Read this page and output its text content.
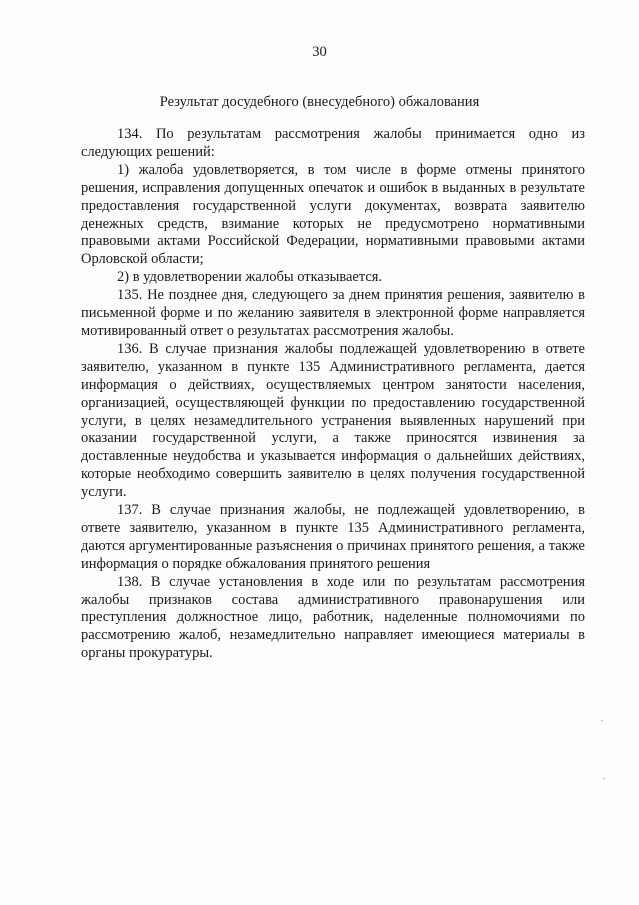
30
Результат досудебного (внесудебного) обжалования

134. По результатам рассмотрения жалобы принимается одно из следующих решений:

1) жалоба удовлетворяется, в том числе в форме отмены принятого решения, исправления допущенных опечаток и ошибок в выданных в результате предоставления государственной услуги документах, возврата заявителю денежных средств, взимание которых не предусмотрено нормативными правовыми актами Российской Федерации, нормативными правовыми актами Орловской области;

2) в удовлетворении жалобы отказывается.

135. Не позднее дня, следующего за днем принятия решения, заявителю в письменной форме и по желанию заявителя в электронной форме направляется мотивированный ответ о результатах рассмотрения жалобы.

136. В случае признания жалобы подлежащей удовлетворению в ответе заявителю, указанном в пункте 135 Административного регламента, дается информация о действиях, осуществляемых центром занятости населения, организацией, осуществляющей функции по предоставлению государственной услуги, в целях незамедлительного устранения выявленных нарушений при оказании государственной услуги, а также приносятся извинения за доставленные неудобства и указывается информация о дальнейших действиях, которые необходимо совершить заявителю в целях получения государственной услуги.

137. В случае признания жалобы, не подлежащей удовлетворению, в ответе заявителю, указанном в пункте 135 Административного регламента, даются аргументированные разъяснения о причинах принятого решения, а также информация о порядке обжалования принятого решения

138. В случае установления в ходе или по результатам рассмотрения жалобы признаков состава административного правонарушения или преступления должностное лицо, работник, наделенные полномочиями по рассмотрению жалоб, незамедлительно направляет имеющиеся материалы в органы прокуратуры.
